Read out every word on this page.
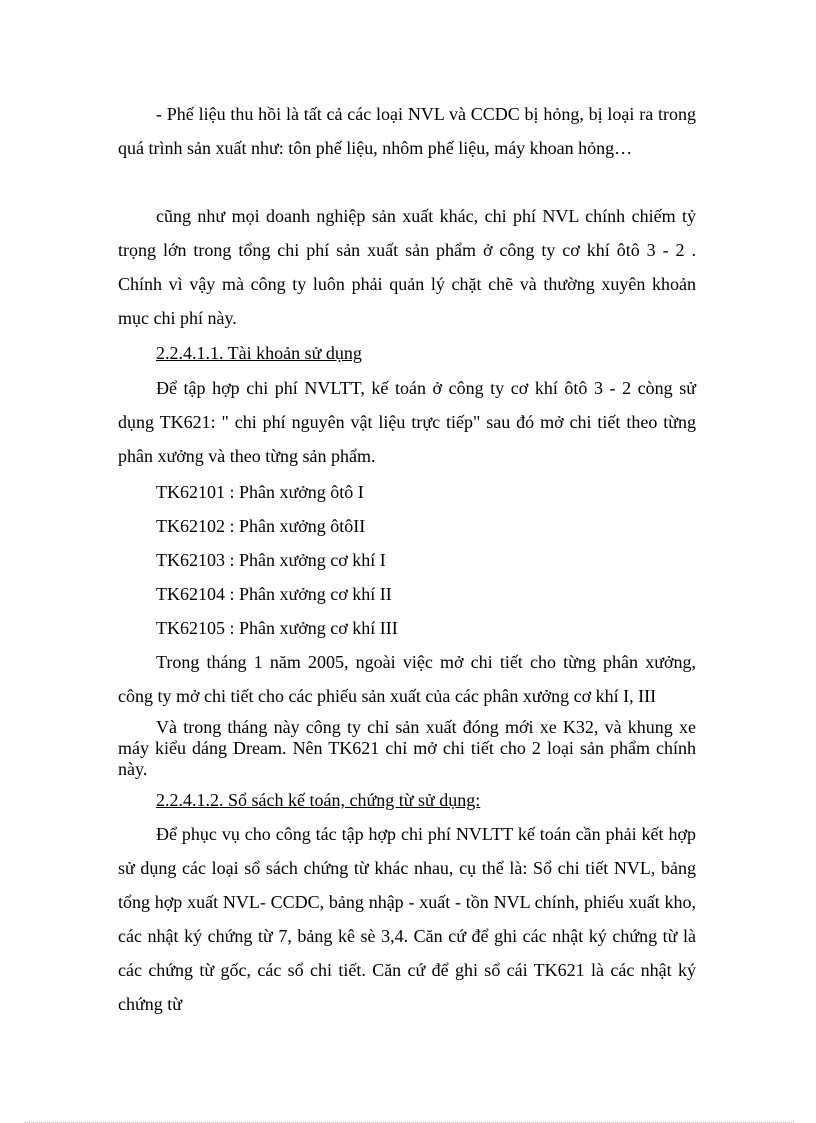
- Phế liệu thu hồi là tất cả các loại NVL và CCDC bị hỏng, bị loại ra trong quá trình sản xuất như: tôn phế liệu, nhôm phế liệu, máy khoan hỏng…

cũng như mọi doanh nghiệp sản xuất khác, chi phí NVL chính chiếm tỷ trọng lớn trong tổng chi phí sản xuất sản phẩm ở công ty cơ khí ôtô 3 - 2 . Chính vì vậy mà công ty luôn phải quản lý chặt chẽ và thường xuyên khoản mục chi phí này.

2.2.4.1.1. Tài khoản sử dụng

Để tập hợp chi phí NVLTT, kế toán ở công ty cơ khí ôtô 3 - 2 còng sử dụng TK621: " chi phí nguyên vật liệu trực tiếp" sau đó mở chi tiết theo từng phân xưởng và theo từng sản phẩm.

TK62101 : Phân xưởng ôtô I

TK62102 : Phân xưởng ôtôII

TK62103 : Phân xưởng cơ khí I

TK62104 : Phân xưởng cơ khí II

TK62105 : Phân xưởng cơ khí III

Trong tháng 1 năm 2005, ngoài việc mở chi tiết cho từng phân xưởng, công ty mở chi tiết cho các phiếu sản xuất của các phân xưởng cơ khí I, III

Và trong tháng này công ty chỉ sản xuất đóng mới xe K32, và khung xe máy kiểu dáng Dream. Nên TK621 chỉ mở chi tiết cho 2 loại sản phẩm chính này.

2.2.4.1.2. Sổ sách kế toán, chứng từ sử dụng:

Để phục vụ cho công tác tập hợp chi phí NVLTT kế toán cần phải kết hợp sử dụng các loại sổ sách chứng từ khác nhau, cụ thể là: Sổ chi tiết NVL, bảng tổng hợp xuất NVL- CCDC, bảng nhập - xuất - tồn NVL chính, phiếu xuất kho, các nhật ký chứng từ 7, bảng kê sè 3,4. Căn cứ để ghi các nhật ký chứng từ là các chứng từ gốc, các sổ chi tiết. Căn cứ để ghi sổ cái TK621 là các nhật ký chứng từ
